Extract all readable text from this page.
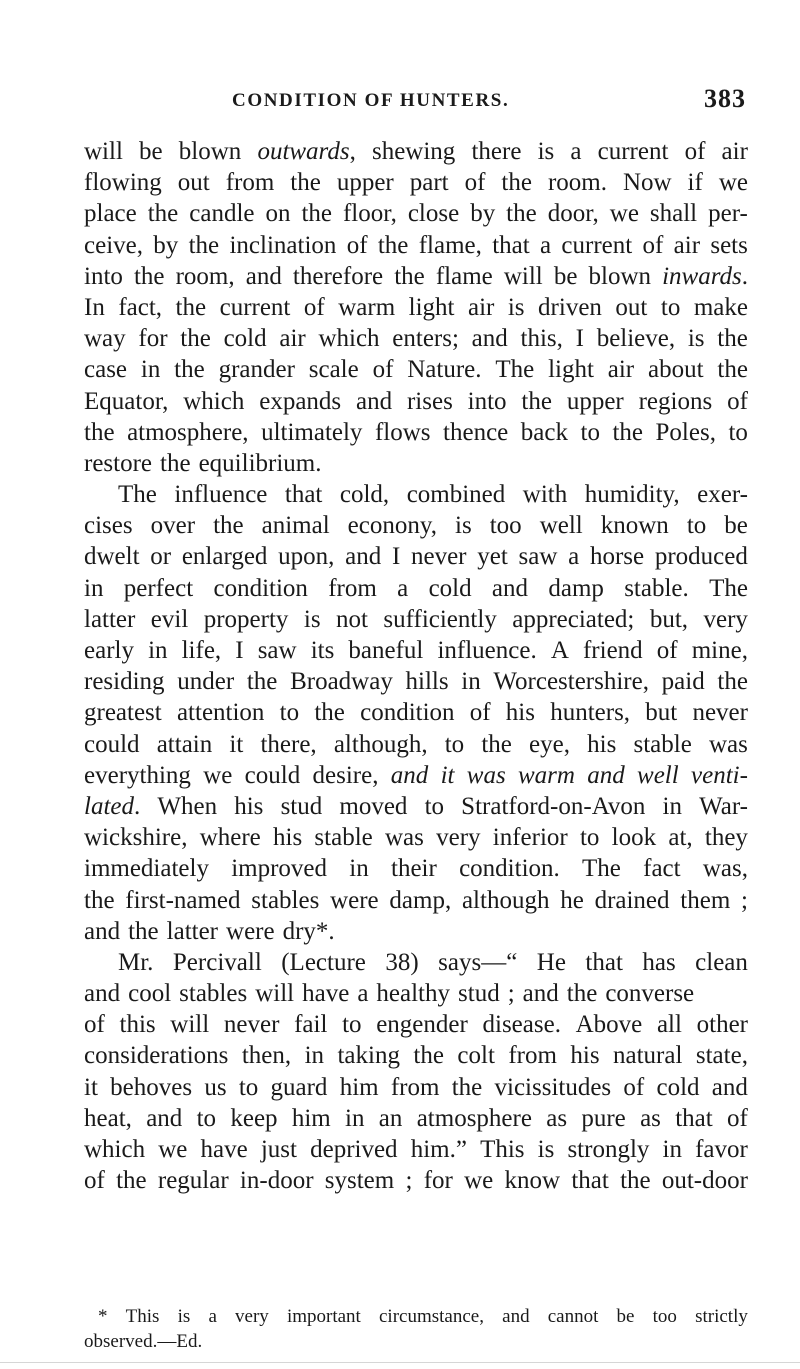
CONDITION OF HUNTERS.	383
will be blown outwards, shewing there is a current of air
flowing out from the upper part of the room. Now if we
place the candle on the floor, close by the door, we shall per-
ceive, by the inclination of the flame, that a current of air sets
into the room, and therefore the flame will be blown inwards.
In fact, the current of warm light air is driven out to make
way for the cold air which enters; and this, I believe, is the
case in the grander scale of Nature. The light air about the
Equator, which expands and rises into the upper regions of
the atmosphere, ultimately flows thence back to the Poles, to
restore the equilibrium.
The influence that cold, combined with humidity, exer-
cises over the animal econony, is too well known to be
dwelt or enlarged upon, and I never yet saw a horse produced
in perfect condition from a cold and damp stable. The
latter evil property is not sufficiently appreciated; but, very
early in life, I saw its baneful influence. A friend of mine,
residing under the Broadway hills in Worcestershire, paid the
greatest attention to the condition of his hunters, but never
could attain it there, although, to the eye, his stable was
everything we could desire, and it was warm and well venti-
lated. When his stud moved to Stratford-on-Avon in War-
wickshire, where his stable was very inferior to look at, they
immediately improved in their condition. The fact was,
the first-named stables were damp, although he drained them ;
and the latter were dry*.
Mr. Percivall (Lecture 38) says—“ He that has clean
and cool stables will have a healthy stud ; and the converse
of this will never fail to engender disease. Above all other
considerations then, in taking the colt from his natural state,
it behoves us to guard him from the vicissitudes of cold and
heat, and to keep him in an atmosphere as pure as that of
which we have just deprived him.” This is strongly in favor
of the regular in-door system ; for we know that the out-door
* This is a very important circumstance, and cannot be too strictly
observed.—Ed.
